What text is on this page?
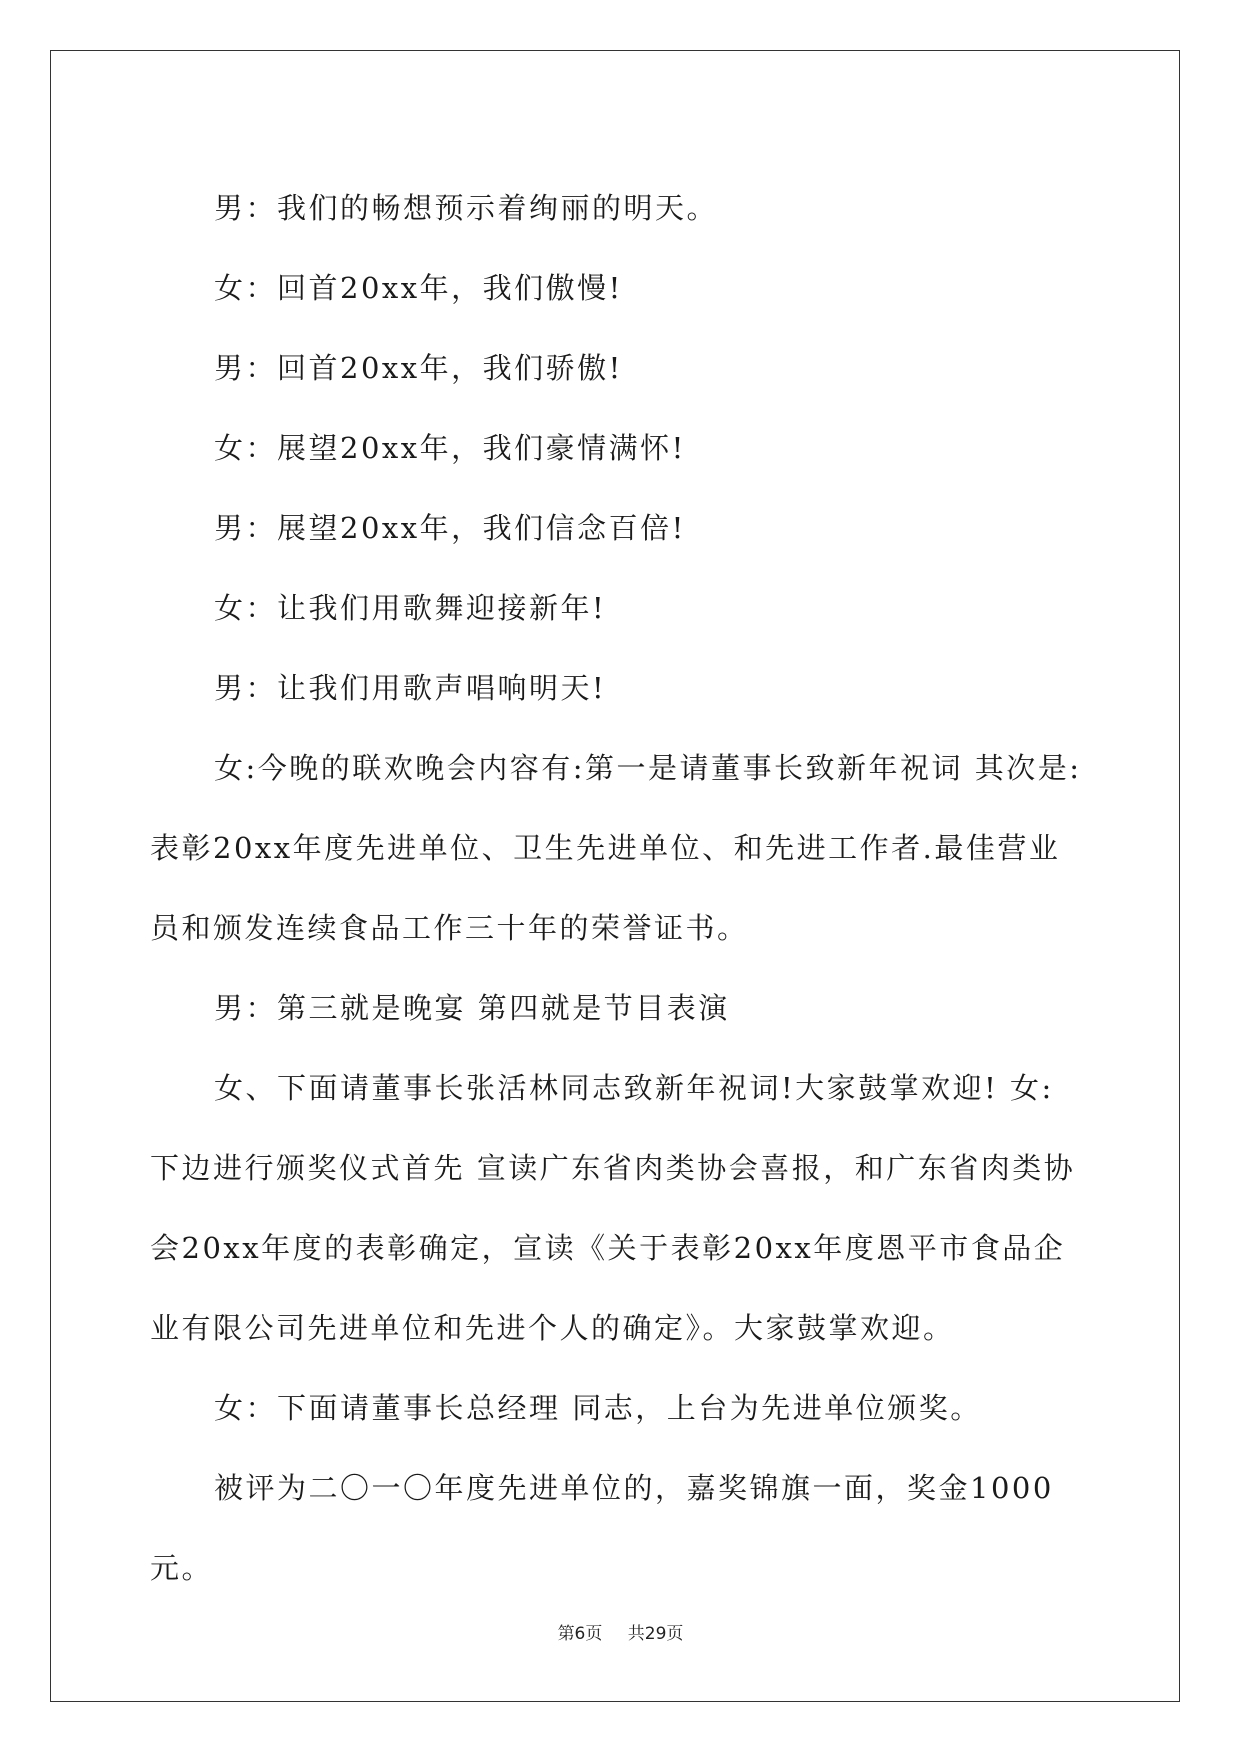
男：我们的畅想预示着绚丽的明天。

女：回首20xx年，我们傲慢!

男：回首20xx年，我们骄傲!

女：展望20xx年，我们豪情满怀!

男：展望20xx年，我们信念百倍!

女：让我们用歌舞迎接新年!

男：让我们用歌声唱响明天!

女:今晚的联欢晚会内容有:第一是请董事长致新年祝词 其次是:表彰20xx年度先进单位、卫生先进单位、和先进工作者.最佳营业员和颁发连续食品工作三十年的荣誉证书。

男：第三就是晚宴 第四就是节目表演

女、下面请董事长张活林同志致新年祝词!大家鼓掌欢迎! 女:下边进行颁奖仪式首先 宣读广东省肉类协会喜报，和广东省肉类协会20xx年度的表彰确定，宣读《关于表彰20xx年度恩平市食品企业有限公司先进单位和先进个人的确定》。大家鼓掌欢迎。

女：下面请董事长总经理 同志，上台为先进单位颁奖。

被评为二〇一〇年度先进单位的，嘉奖锦旗一面，奖金1000元。

第6页 共29页
